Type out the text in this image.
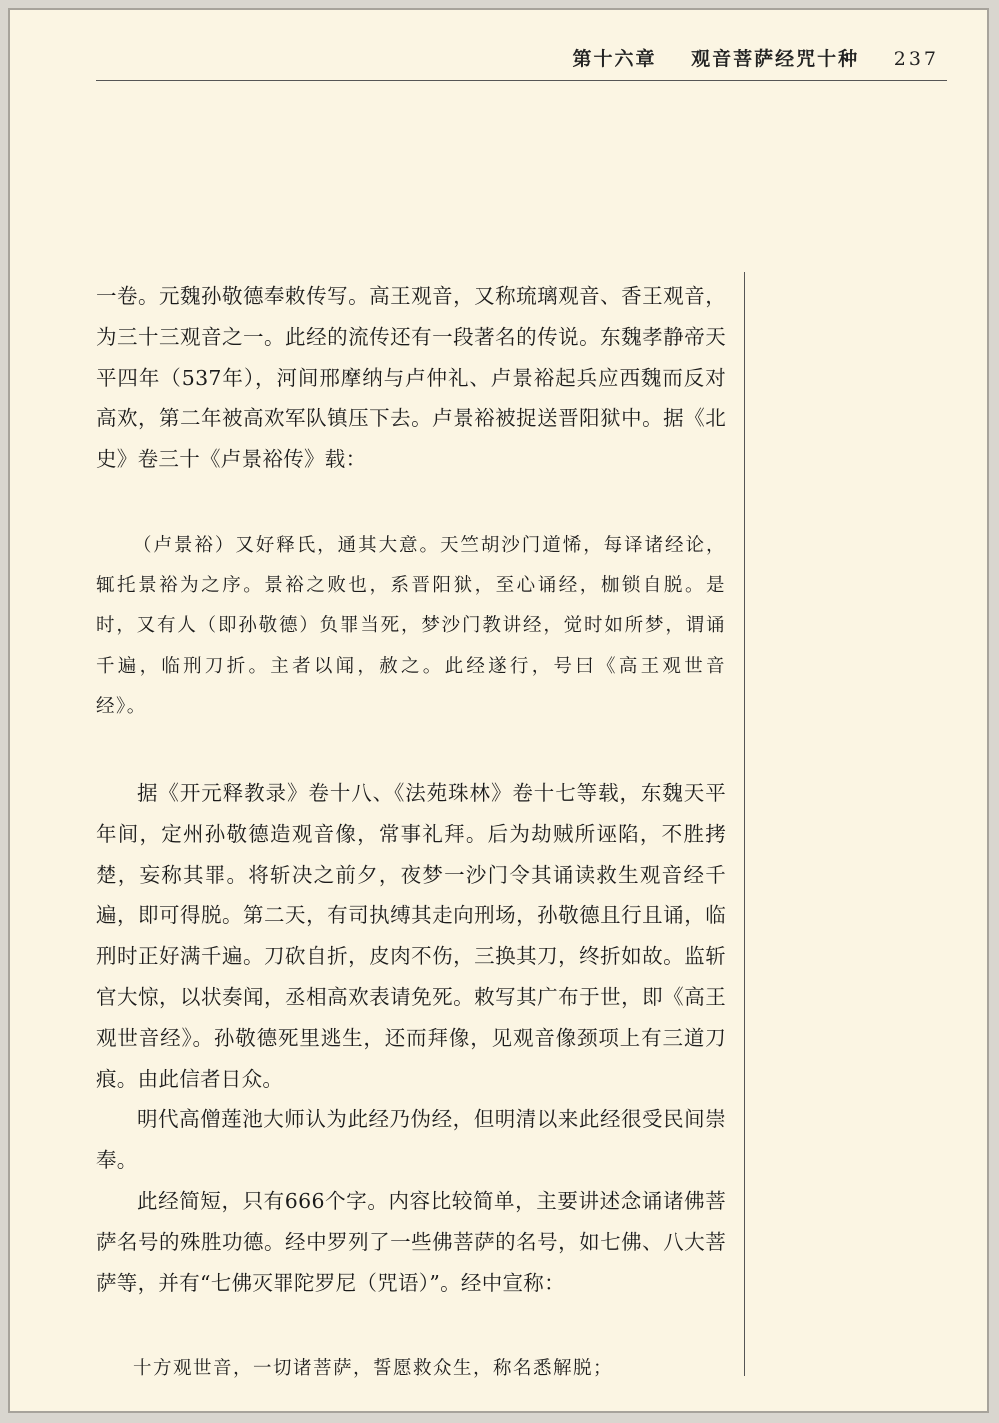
第十六章 观音菩萨经咒十种 237

一卷。元魏孙敬德奉敕传写。高王观音，又称琉璃观音、香王观音，为三十三观音之一。此经的流传还有一段著名的传说。东魏孝静帝天平四年（537年），河间邢摩纳与卢仲礼、卢景裕起兵应西魏而反对高欢，第二年被高欢军队镇压下去。卢景裕被捉送晋阳狱中。据《北史》卷三十《卢景裕传》载：

（卢景裕）又好释氏，通其大意。天竺胡沙门道悕，每译诸经论，辄托景裕为之序。景裕之败也，系晋阳狱，至心诵经，枷锁自脱。是时，又有人（即孙敬德）负罪当死，梦沙门教讲经，觉时如所梦，谓诵千遍，临刑刀折。主者以闻，赦之。此经遂行，号曰《高王观世音经》。

据《开元释教录》卷十八、《法苑珠林》卷十七等载，东魏天平年间，定州孙敬德造观音像，常事礼拜。后为劫贼所诬陷，不胜拷楚，妄称其罪。将斩决之前夕，夜梦一沙门令其诵读救生观音经千遍，即可得脱。第二天，有司执缚其走向刑场，孙敬德且行且诵，临刑时正好满千遍。刀砍自折，皮肉不伤，三换其刀，终折如故。监斩官大惊，以状奏闻，丞相高欢表请免死。敕写其广布于世，即《高王观世音经》。孙敬德死里逃生，还而拜像，见观音像颈项上有三道刀痕。由此信者日众。

明代高僧莲池大师认为此经乃伪经，但明清以来此经很受民间崇奉。

此经简短，只有666个字。内容比较简单，主要讲述念诵诸佛菩萨名号的殊胜功德。经中罗列了一些佛菩萨的名号，如七佛、八大菩萨等，并有“七佛灭罪陀罗尼（咒语）”。经中宣称：

十方观世音，一切诸菩萨，誓愿救众生，称名悉解脱；
